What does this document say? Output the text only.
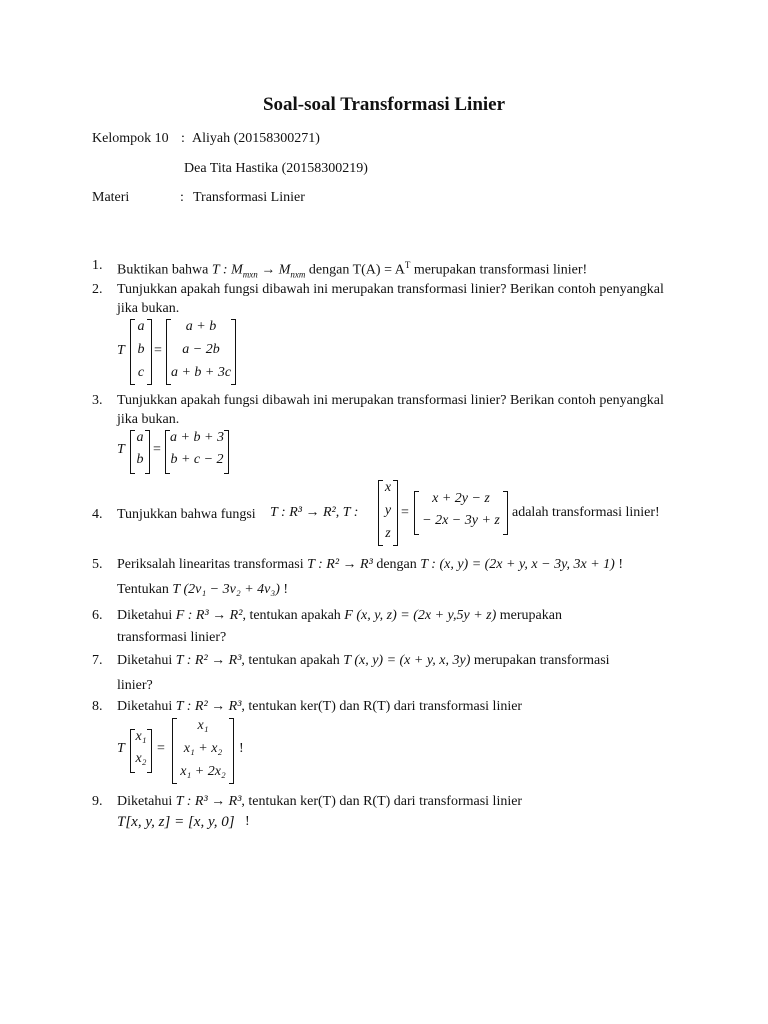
Soal-soal Transformasi Linier
Kelompok 10 : Aliyah (20158300271)
Dea Tita Hastika (20158300219)
Materi	: Transformasi Linier
1. Buktikan bahwa T : $M_{mxn} \to M_{nxm}$ dengan $T(A) = A^T$ merupakan transformasi linier!
2. Tunjukkan apakah fungsi dibawah ini merupakan transformasi linier? Berikan contoh penyangkal jika bukan.
T
a
b
c
=
a + b
a − 2b
a + b + 3c
3. Tunjukkan apakah fungsi dibawah ini merupakan transformasi linier? Berikan contoh penyangkal jika bukan.
T
a
b
=
a + b + 3
b + c − 2
4. Tunjukkan bahwa fungsi	T : R³ → R², T :
x
y
z
=
x + 2y − z
− 2x − 3y + z
adalah transformasi linier!
5. Periksalah linearitas transformasi T : R² → R³ dengan T : (x, y) = (2x + y, x − 3y, 3x + 1) !
Tentukan T (2v₁ − 3v₂ + 4v₃) !
6. Diketahui F : R³ → R², tentukan apakah F (x, y, z) = (2x + y,5y + z) merupakan
transformasi linier?
7. Diketahui T : R² → R³, tentukan apakah T (x, y) = (x + y, x, 3y) merupakan transformasi
linier?
8. Diketahui T : R² → R³, tentukan ker(T) dan R(T) dari transformasi linier
T
x₁
x₂
=
x₁
x₁ + x₂
x₁ + 2x₂
!
9. Diketahui T : R³ → R³, tentukan ker(T) dan R(T) dari transformasi linier
T[x, y, z] = [x, y, 0] !
